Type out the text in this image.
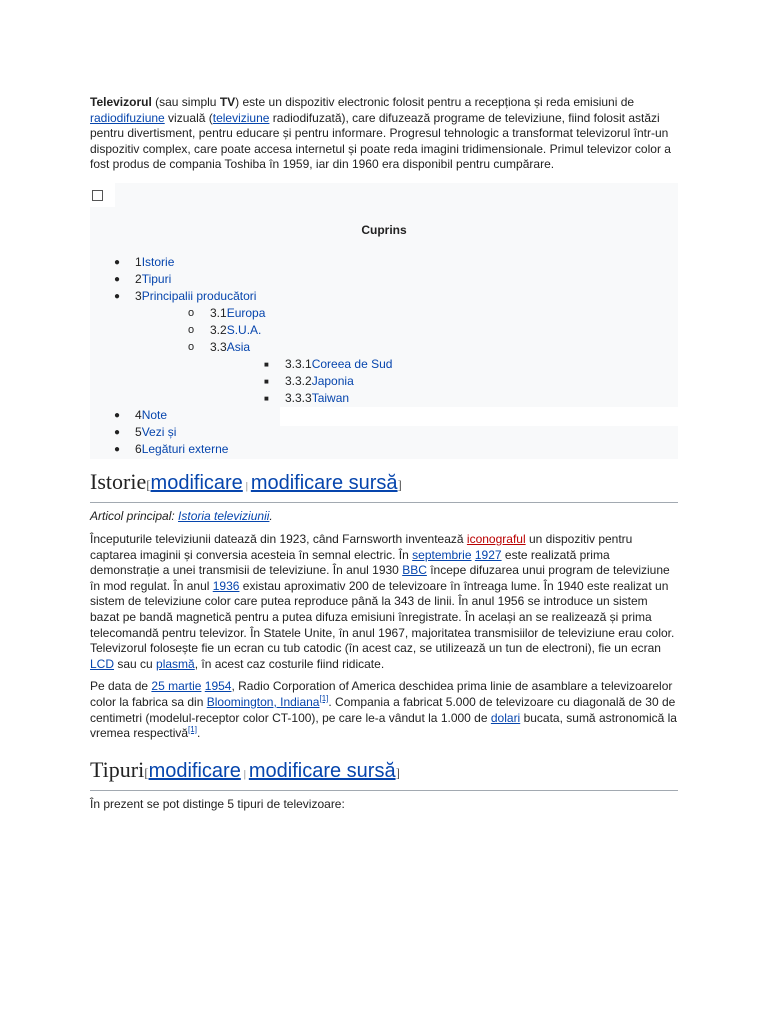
Televizorul (sau simplu TV) este un dispozitiv electronic folosit pentru a recepționa și reda emisiuni de radiodifuziune vizuală (televiziune radiodifuzată), care difuzează programe de televiziune, fiind folosit astăzi pentru divertisment, pentru educare și pentru informare. Progresul tehnologic a transformat televizorul într-un dispozitiv complex, care poate accesa internetul și poate reda imagini tridimensionale. Primul televizor color a fost produs de compania Toshiba în 1959, iar din 1960 era disponibil pentru cumpărare.

Cuprins
● 1Istorie
● 2Tipuri
● 3Principalii producători
o 3.1Europa
o 3.2S.U.A.
o 3.3Asia
■ 3.3.1Coreea de Sud
■ 3.3.2Japonia
■ 3.3.3Taiwan
● 4Note
● 5Vezi și
● 6Legături externe
Istorie[modificare | modificare sursă]
Articol principal: Istoria televiziunii.

Începuturile televiziunii datează din 1923, când Farnsworth inventează iconograful un dispozitiv pentru captarea imaginii și conversia acesteia în semnal electric. În septembrie 1927 este realizată prima demonstrație a unei transmisii de televiziune. În anul 1930 BBC începe difuzarea unui program de televiziune în mod regulat. În anul 1936 existau aproximativ 200 de televizoare în întreaga lume. În 1940 este realizat un sistem de televiziune color care putea reproduce până la 343 de linii. În anul 1956 se introduce un sistem bazat pe bandă magnetică pentru a putea difuza emisiuni înregistrate. În același an se realizează și prima telecomandă pentru televizor. În Statele Unite, în anul 1967, majoritatea transmisiilor de televiziune erau color. Televizorul folosește fie un ecran cu tub catodic (în acest caz, se utilizează un tun de electroni), fie un ecran LCD sau cu plasmă, în acest caz costurile fiind ridicate.

Pe data de 25 martie 1954, Radio Corporation of America deschidea prima linie de asamblare a televizoarelor color la fabrica sa din Bloomington, Indiana[1]. Compania a fabricat 5.000 de televizoare cu diagonală de 30 de centimetri (modelul-receptor color CT-100), pe care le-a vândut la 1.000 de dolari bucata, sumă astronomică la vremea respectivă[1].

Tipuri[modificare | modificare sursă]

În prezent se pot distinge 5 tipuri de televizoare:
